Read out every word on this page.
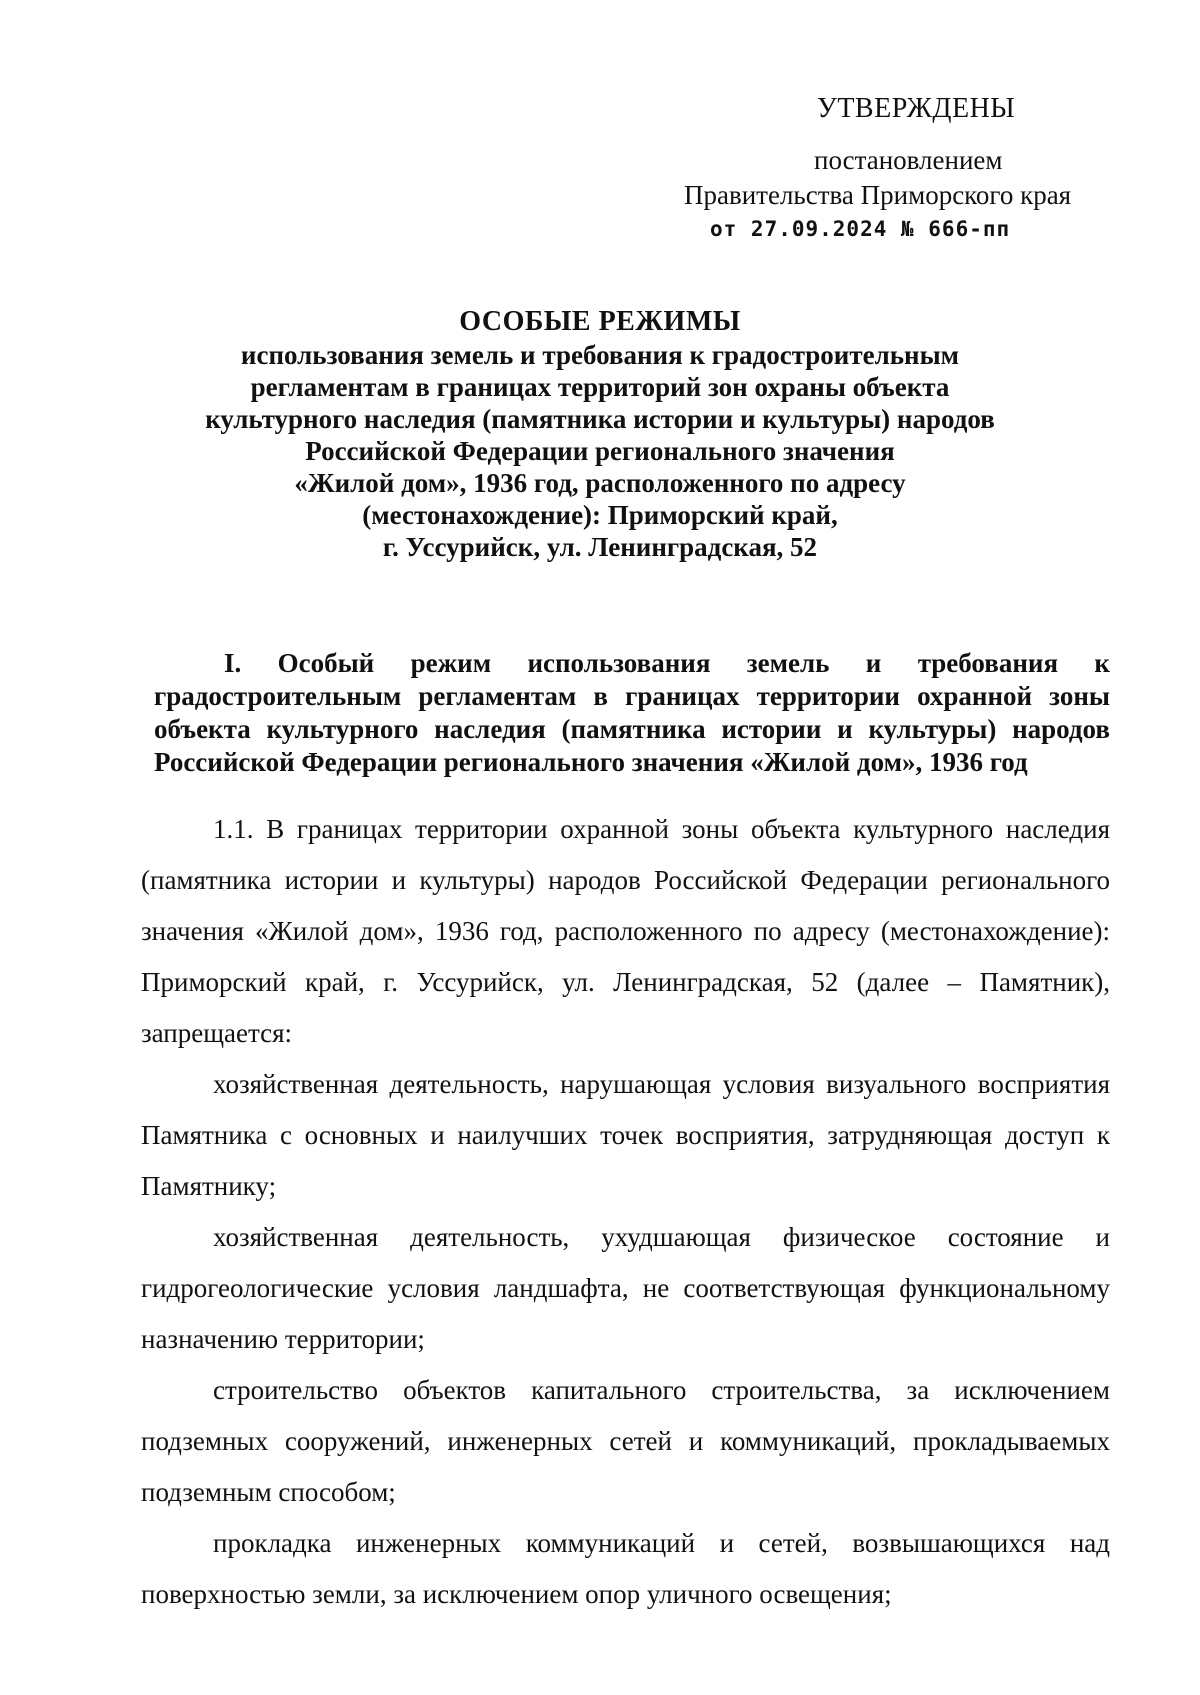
УТВЕРЖДЕНЫ
постановлением
Правительства Приморского края
от 27.09.2024 № 666-пп
ОСОБЫЕ РЕЖИМЫ
использования земель и требования к градостроительным
регламентам в границах территорий зон охраны объекта
культурного наследия (памятника истории и культуры) народов
Российской Федерации регионального значения
«Жилой дом», 1936 год, расположенного по адресу
(местонахождение): Приморский край,
г. Уссурийск, ул. Ленинградская, 52
I. Особый режим использования земель и требования к
градостроительным регламентам в границах территории охранной зоны
объекта культурного наследия (памятника истории и культуры) народов
Российской Федерации регионального значения «Жилой дом», 1936 год

1.1. В границах территории охранной зоны объекта культурного наследия (памятника истории и культуры) народов Российской Федерации регионального значения «Жилой дом», 1936 год, расположенного по адресу (местонахождение): Приморский край, г. Уссурийск, ул. Ленинградская, 52 (далее – Памятник), запрещается:

хозяйственная деятельность, нарушающая условия визуального восприятия Памятника с основных и наилучших точек восприятия, затрудняющая доступ к Памятнику;

хозяйственная деятельность, ухудшающая физическое состояние и гидрогеологические условия ландшафта, не соответствующая функциональному назначению территории;

строительство объектов капитального строительства, за исключением подземных сооружений, инженерных сетей и коммуникаций, прокладываемых подземным способом;

прокладка инженерных коммуникаций и сетей, возвышающихся над поверхностью земли, за исключением опор уличного освещения;
